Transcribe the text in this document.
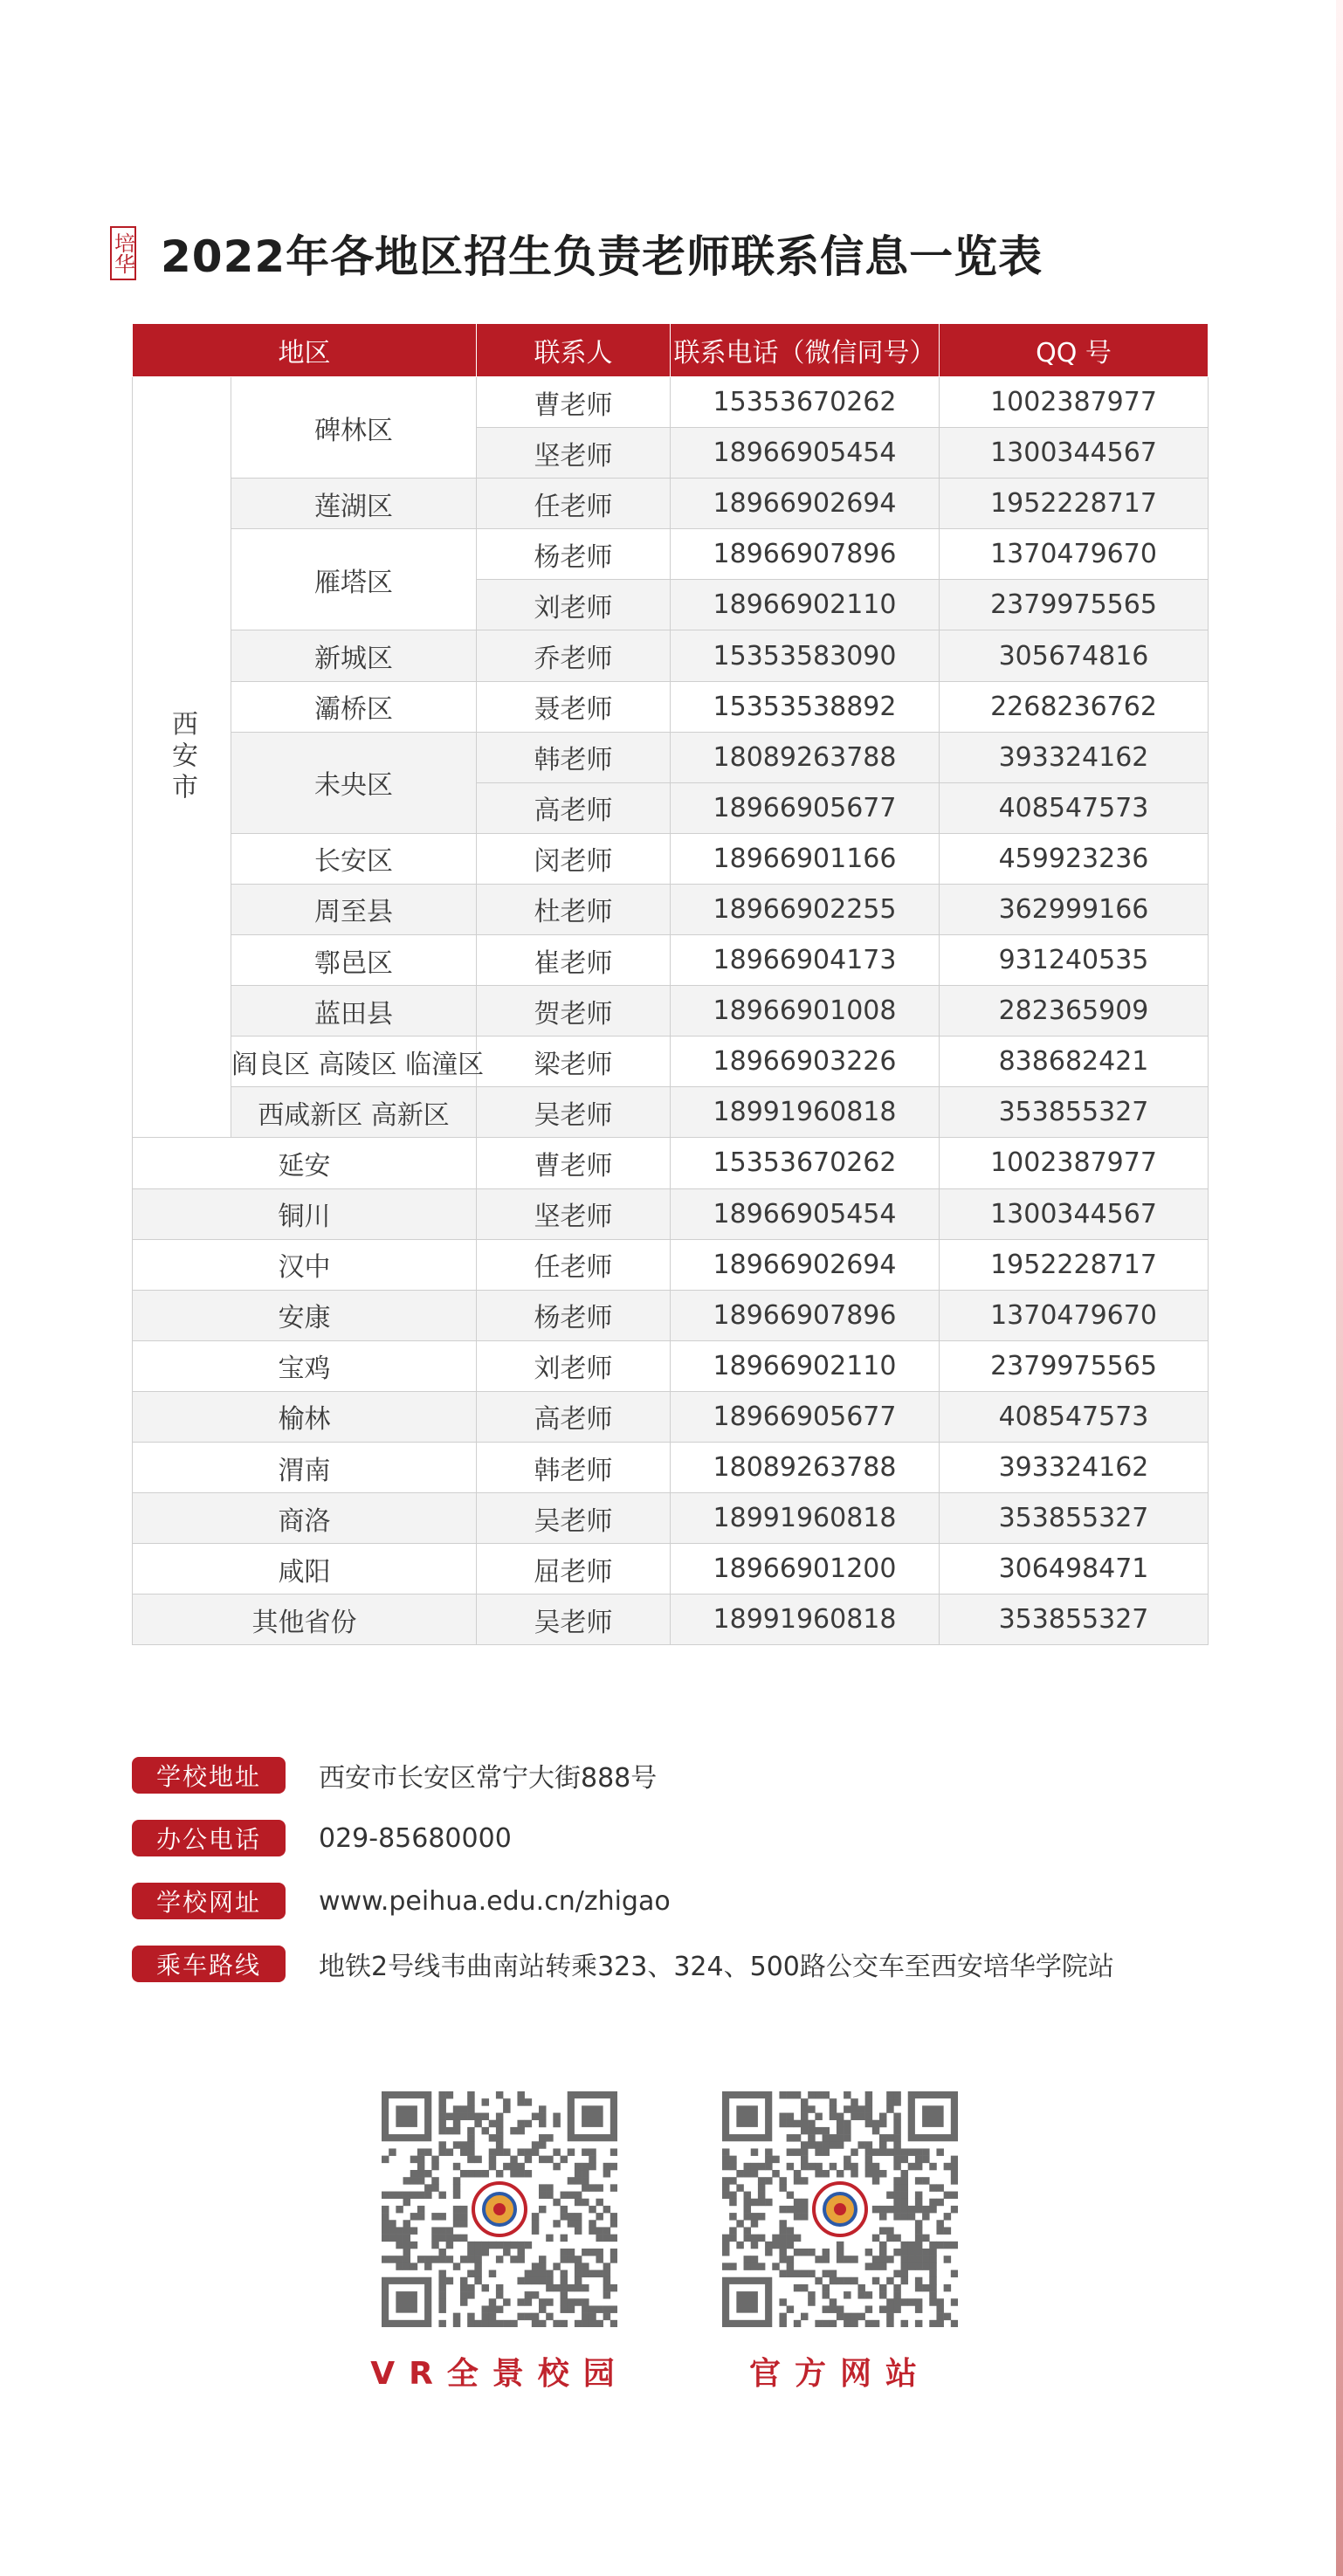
培华 2022年各地区招生负责老师联系信息一览表
地区		联系人	联系电话（微信同号）	QQ 号
西安市	碑林区	曹老师	15353670262	1002387977
		坚老师	18966905454	1300344567
	莲湖区	任老师	18966902694	1952228717
	雁塔区	杨老师	18966907896	1370479670
		刘老师	18966902110	2379975565
	新城区	乔老师	15353583090	305674816
	灞桥区	聂老师	15353538892	2268236762
	未央区	韩老师	18089263788	393324162
		高老师	18966905677	408547573
	长安区	闵老师	18966901166	459923236
	周至县	杜老师	18966902255	362999166
	鄠邑区	崔老师	18966904173	931240535
	蓝田县	贺老师	18966901008	282365909
	阎良区 高陵区 临潼区	梁老师	18966903226	838682421
	西咸新区 高新区	吴老师	18991960818	353855327
延安		曹老师	15353670262	1002387977
铜川		坚老师	18966905454	1300344567
汉中		任老师	18966902694	1952228717
安康		杨老师	18966907896	1370479670
宝鸡		刘老师	18966902110	2379975565
榆林		高老师	18966905677	408547573
渭南		韩老师	18089263788	393324162
商洛		吴老师	18991960818	353855327
咸阳		屈老师	18966901200	306498471
其他省份		吴老师	18991960818	353855327
学校地址	西安市长安区常宁大街888号
办公电话	029-85680000
学校网址	www.peihua.edu.cn/zhigao
乘车路线	地铁2号线韦曲南站转乘323、324、500路公交车至西安培华学院站
VR全景校园	官方网站
